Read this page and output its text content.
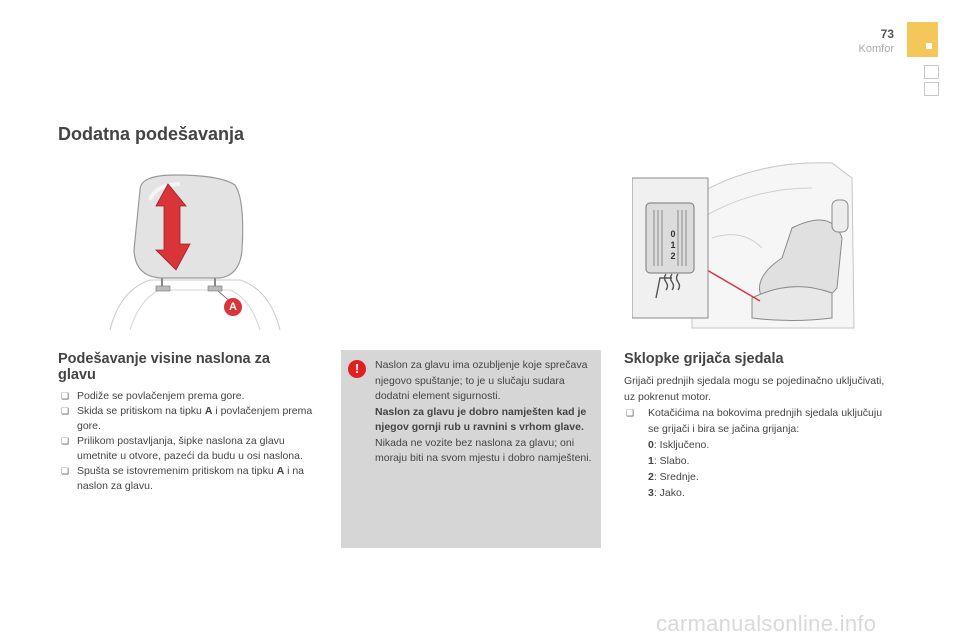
73
Komfor
Dodatna podešavanja
A
Podešavanje visine naslona za glavu
❑ Podiže se povlačenjem prema gore.
❑ Skida se pritiskom na tipku A i povlačenjem prema gore.
❑ Prilikom postavljanja, šipke naslona za glavu umetnite u otvore, pazeći da budu u osi naslona.
❑ Spušta se istovremenim pritiskom na tipku A i na naslon za glavu.
!	Naslon za glavu ima ozubljenje koje sprečava njegovo spuštanje; to je u slučaju sudara dodatni element sigurnosti.

Naslon za glavu je dobro namješten kad je njegov gornji rub u ravnini s vrhom glave.

Nikada ne vozite bez naslona za glavu; oni moraju biti na svom mjestu i dobro namješteni.

0
1
2
Sklopke grijača sjedala

Grijači prednjih sjedala mogu se pojedinačno uključivati, uz pokrenut motor.

❑ Kotačićima na bokovima prednjih sjedala uključuju se grijači i bira se jačina grijanja:

0: Isključeno.

1: Slabo.

2: Srednje.

3: Jako.

carmanualsonline.info
